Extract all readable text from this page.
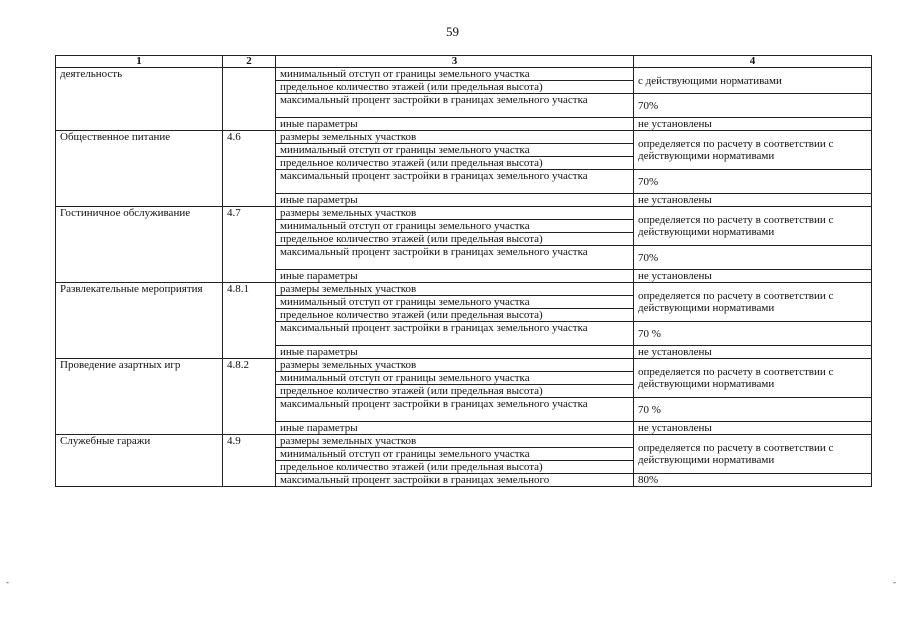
59
1	2	3	4
деятельность		минимальный отступ от границы земельного участка	с действующими нормативами
		предельное количество этажей (или предельная высота)	
		максимальный процент застройки в границах земельного участка	70%
		иные параметры	не установлены
Общественное питание	4.6	размеры земельных участков	определяется по расчету в соответствии с действующими нормативами
		минимальный отступ от границы земельного участка	
		предельное количество этажей (или предельная высота)	
		максимальный процент застройки в границах земельного участка	70%
		иные параметры	не установлены
Гостиничное обслуживание	4.7	размеры земельных участков	определяется по расчету в соответствии с действующими нормативами
		минимальный отступ от границы земельного участка	
		предельное количество этажей (или предельная высота)	
		максимальный процент застройки в границах земельного участка	70%
		иные параметры	не установлены
Развлекательные мероприятия	4.8.1	размеры земельных участков	определяется по расчету в соответствии с действующими нормативами
		минимальный отступ от границы земельного участка	
		предельное количество этажей (или предельная высота)	
		максимальный процент застройки в границах земельного участка	70 %
		иные параметры	не установлены
Проведение азартных игр	4.8.2	размеры земельных участков	определяется по расчету в соответствии с действующими нормативами
		минимальный отступ от границы земельного участка	
		предельное количество этажей (или предельная высота)	
		максимальный процент застройки в границах земельного участка	70 %
		иные параметры	не установлены
Служебные гаражи	4.9	размеры земельных участков	определяется по расчету в соответствии с действующими нормативами
		минимальный отступ от границы земельного участка	
		предельное количество этажей (или предельная высота)	
		максимальный процент застройки в границах земельного	80%
-	-
